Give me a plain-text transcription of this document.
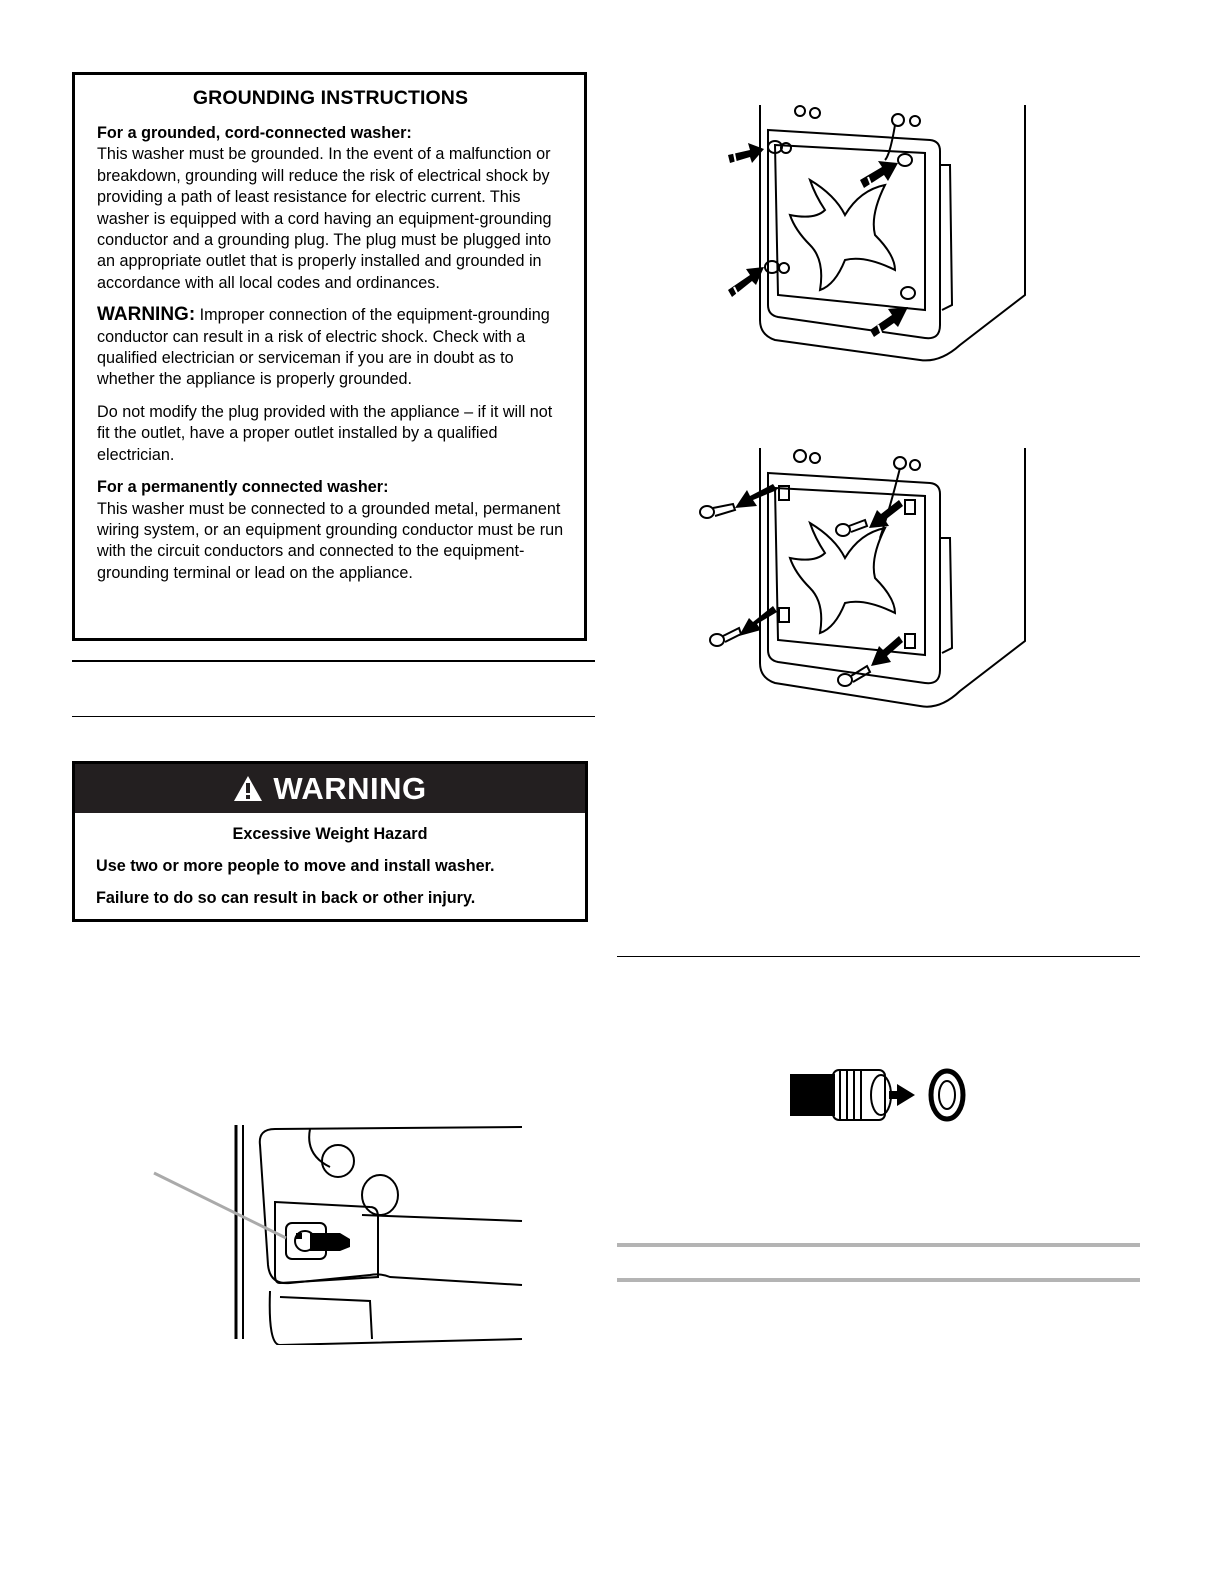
GROUNDING INSTRUCTIONS

For a grounded, cord-connected washer:

This washer must be grounded. In the event of a malfunction or breakdown, grounding will reduce the risk of electrical shock by providing a path of least resistance for electric current. This washer is equipped with a cord having an equipment-grounding conductor and a grounding plug. The plug must be plugged into an appropriate outlet that is properly installed and grounded in accordance with all local codes and ordinances.

WARNING: Improper connection of the equipment-grounding conductor can result in a risk of electric shock. Check with a qualified electrician or serviceman if you are in doubt as to whether the appliance is properly grounded.

Do not modify the plug provided with the appliance – if it will not fit the outlet, have a proper outlet installed by a qualified electrician.

For a permanently connected washer:

This washer must be connected to a grounded metal, permanent wiring system, or an equipment grounding conductor must be run with the circuit conductors and connected to the equipment-grounding terminal or lead on the appliance.

WARNING

Excessive Weight Hazard

Use two or more people to move and install washer.

Failure to do so can result in back or other injury.
